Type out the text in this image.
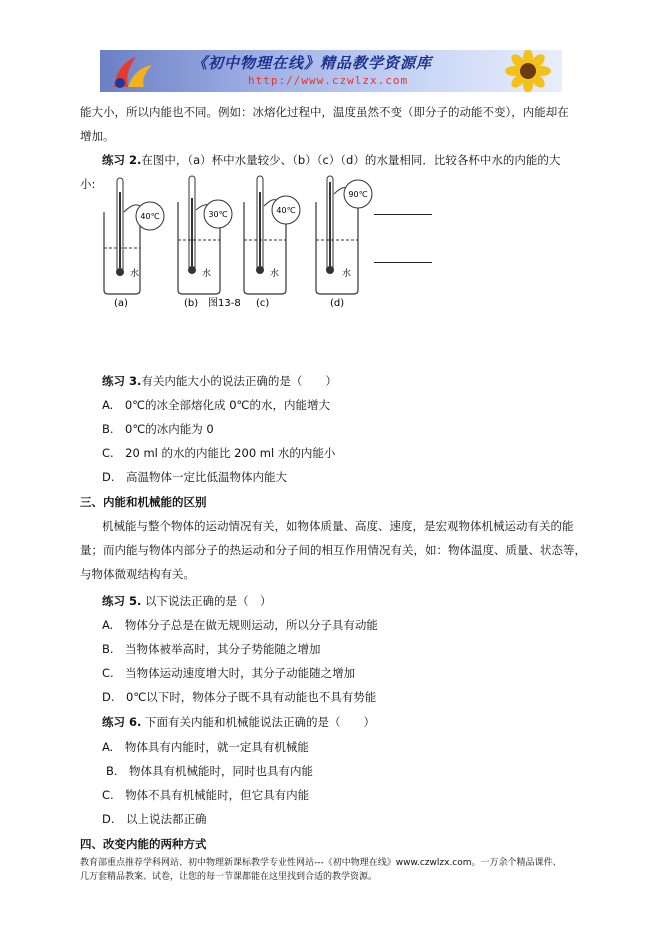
《初中物理在线》精品教学资源库
http://www.czwlzx.com
能大小，所以内能也不同。例如：冰熔化过程中，温度虽然不变（即分子的动能不变），内能却在
增加。
练习 2.在图中，（a）杯中水量较少、（b）（c）（d）的水量相同．比较各杯中水的内能的大
小:
40℃
水
(a)
30℃
水
(b) 图13-8
40℃
水
(c)
90℃
水
(d)
练习 3.有关内能大小的说法正确的是（　　）
A.　0℃的冰全部熔化成 0℃的水，内能增大
B.　0℃的冰内能为 0
C.　20 ml 的水的内能比 200 ml 水的内能小
D.　高温物体一定比低温物体内能大
三、内能和机械能的区别
机械能与整个物体的运动情况有关，如物体质量、高度、速度，是宏观物体机械运动有关的能
量；而内能与物体内部分子的热运动和分子间的相互作用情况有关，如：物体温度、质量、状态等，
与物体微观结构有关。
练习 5. 以下说法正确的是（　）
A.　物体分子总是在做无规则运动，所以分子具有动能
B.　当物体被举高时，其分子势能随之增加
C.　当物体运动速度增大时，其分子动能随之增加
D.　0℃以下时，物体分子既不具有动能也不具有势能
练习 6. 下面有关内能和机械能说法正确的是（　　）
A.　物体具有内能时，就一定具有机械能
B.　物体具有机械能时，同时也具有内能
C.　物体不具有机械能时，但它具有内能
D.　以上说法都正确
四、改变内能的两种方式
教育部重点推荐学科网站、初中物理新课标教学专业性网站---《初中物理在线》www.czwlzx.com。一万余个精品课件、
几万套精品教案、试卷，让您的每一节课都能在这里找到合适的教学资源。
